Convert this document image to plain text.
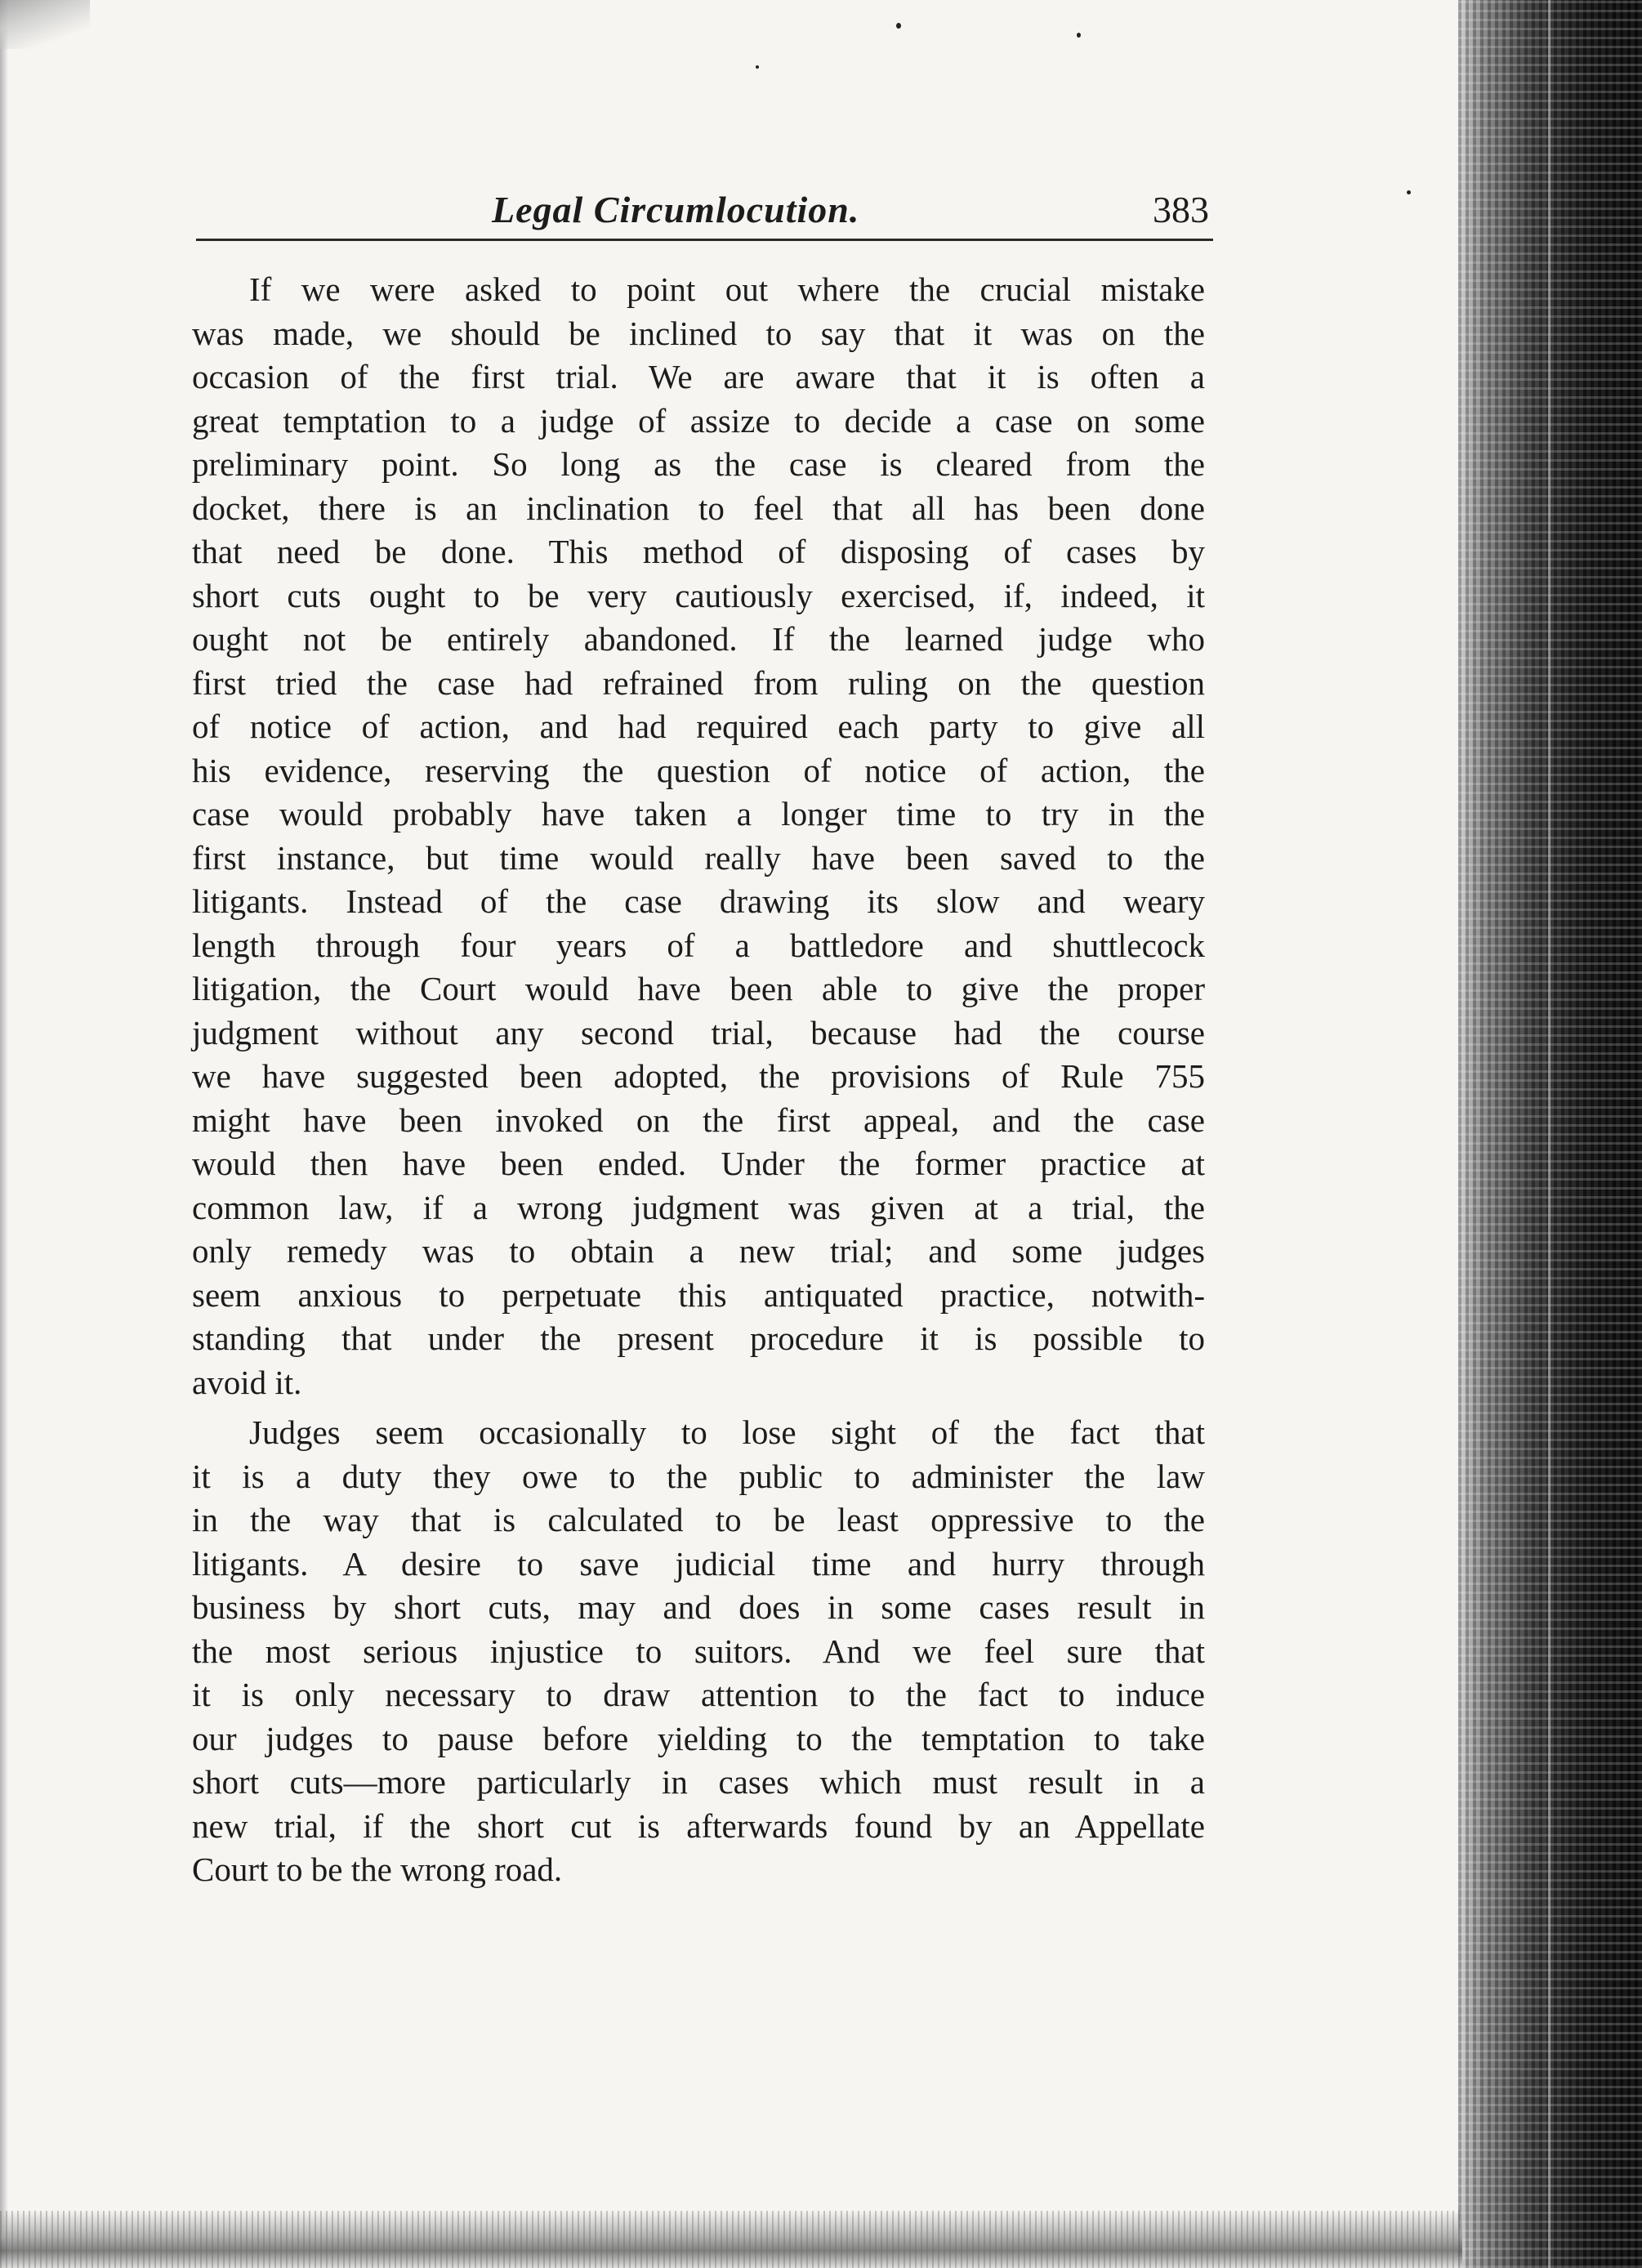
Legal Circumlocution.	383
If we were asked to point out where the crucial mistake
was made, we should be inclined to say that it was on the
occasion of the first trial. We are aware that it is often a
great temptation to a judge of assize to decide a case on some
preliminary point. So long as the case is cleared from the
docket, there is an inclination to feel that all has been done
that need be done. This method of disposing of cases by
short cuts ought to be very cautiously exercised, if, indeed, it
ought not be entirely abandoned. If the learned judge who
first tried the case had refrained from ruling on the question
of notice of action, and had required each party to give all
his evidence, reserving the question of notice of action, the
case would probably have taken a longer time to try in the
first instance, but time would really have been saved to the
litigants. Instead of the case drawing its slow and weary
length through four years of a battledore and shuttlecock
litigation, the Court would have been able to give the proper
judgment without any second trial, because had the course
we have suggested been adopted, the provisions of Rule 755
might have been invoked on the first appeal, and the case
would then have been ended. Under the former practice at
common law, if a wrong judgment was given at a trial, the
only remedy was to obtain a new trial; and some judges
seem anxious to perpetuate this antiquated practice, notwith-
standing that under the present procedure it is possible to
avoid it.
Judges seem occasionally to lose sight of the fact that
it is a duty they owe to the public to administer the law
in the way that is calculated to be least oppressive to the
litigants. A desire to save judicial time and hurry through
business by short cuts, may and does in some cases result in
the most serious injustice to suitors. And we feel sure that
it is only necessary to draw attention to the fact to induce
our judges to pause before yielding to the temptation to take
short cuts—more particularly in cases which must result in a
new trial, if the short cut is afterwards found by an Appellate
Court to be the wrong road.
